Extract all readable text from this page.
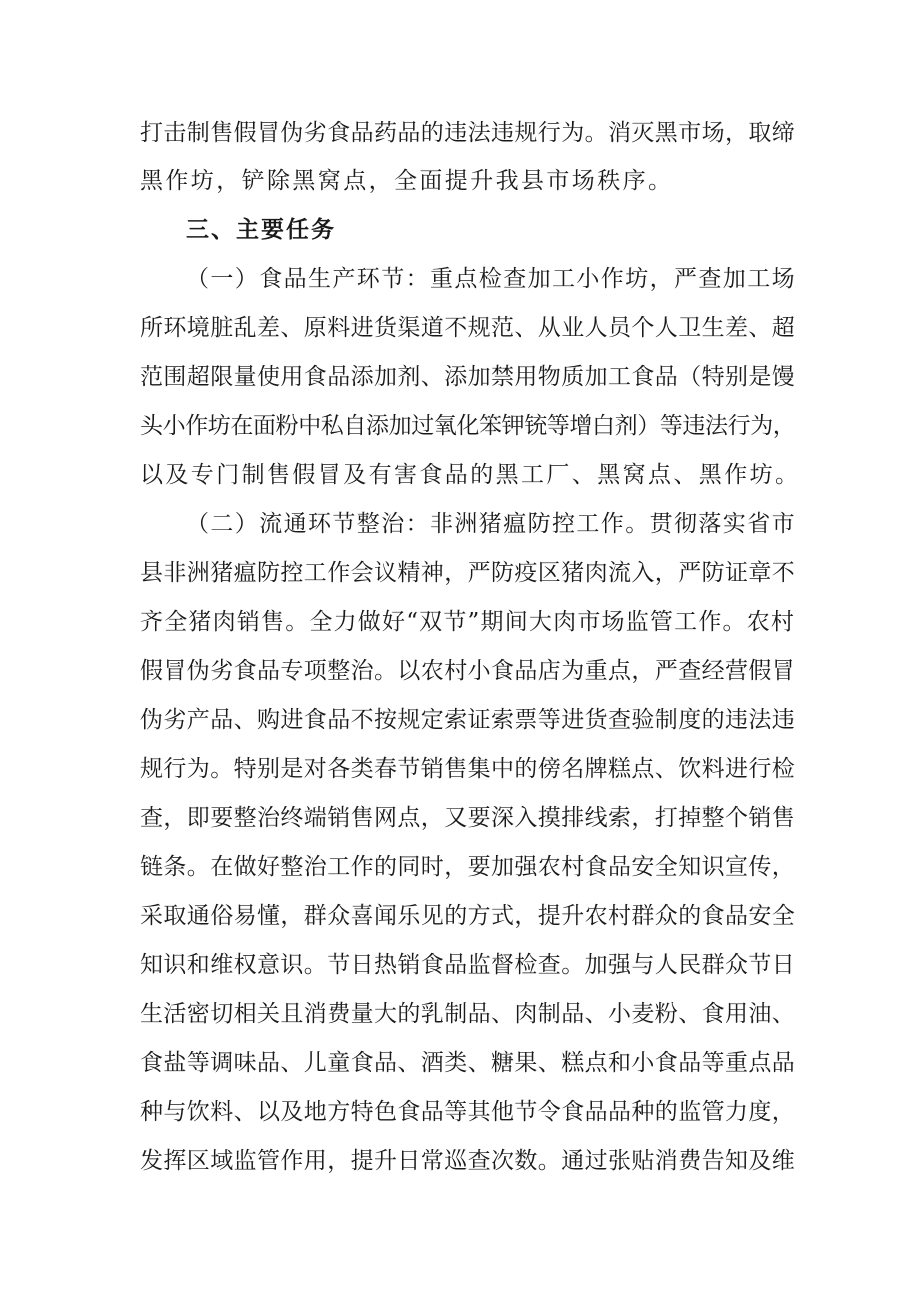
打击制售假冒伪劣食品药品的违法违规行为。消灭黑市场，取缔
黑作坊，铲除黑窝点，全面提升我县市场秩序。
三、主要任务
（一）食品生产环节：重点检查加工小作坊，严查加工场
所环境脏乱差、原料进货渠道不规范、从业人员个人卫生差、超
范围超限量使用食品添加剂、添加禁用物质加工食品（特别是馒
头小作坊在面粉中私自添加过氧化笨钾铳等增白剂）等违法行为，
以及专门制售假冒及有害食品的黑工厂、黑窝点、黑作坊。
（二）流通环节整治：非洲猪瘟防控工作。贯彻落实省市
县非洲猪瘟防控工作会议精神，严防疫区猪肉流入，严防证章不
齐全猪肉销售。全力做好“双节”期间大肉市场监管工作。农村
假冒伪劣食品专项整治。以农村小食品店为重点，严查经营假冒
伪劣产品、购进食品不按规定索证索票等进货查验制度的违法违
规行为。特别是对各类春节销售集中的傍名牌糕点、饮料进行检
查，即要整治终端销售网点，又要深入摸排线索，打掉整个销售
链条。在做好整治工作的同时，要加强农村食品安全知识宣传，
采取通俗易懂，群众喜闻乐见的方式，提升农村群众的食品安全
知识和维权意识。节日热销食品监督检查。加强与人民群众节日
生活密切相关且消费量大的乳制品、肉制品、小麦粉、食用油、
食盐等调味品、儿童食品、酒类、糖果、糕点和小食品等重点品
种与饮料、以及地方特色食品等其他节令食品品种的监管力度，
发挥区域监管作用，提升日常巡查次数。通过张贴消费告知及维
